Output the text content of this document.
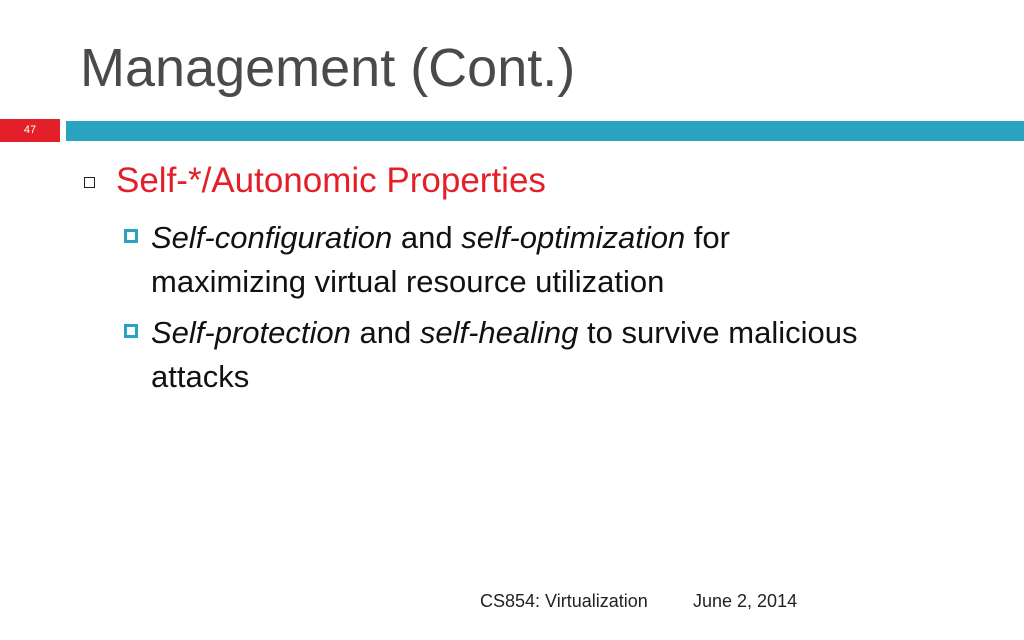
Management (Cont.)
47
Self-*/Autonomic Properties
Self-configuration and self-optimization for maximizing virtual resource utilization
Self-protection and self-healing to survive malicious attacks
CS854: Virtualization	June 2, 2014
